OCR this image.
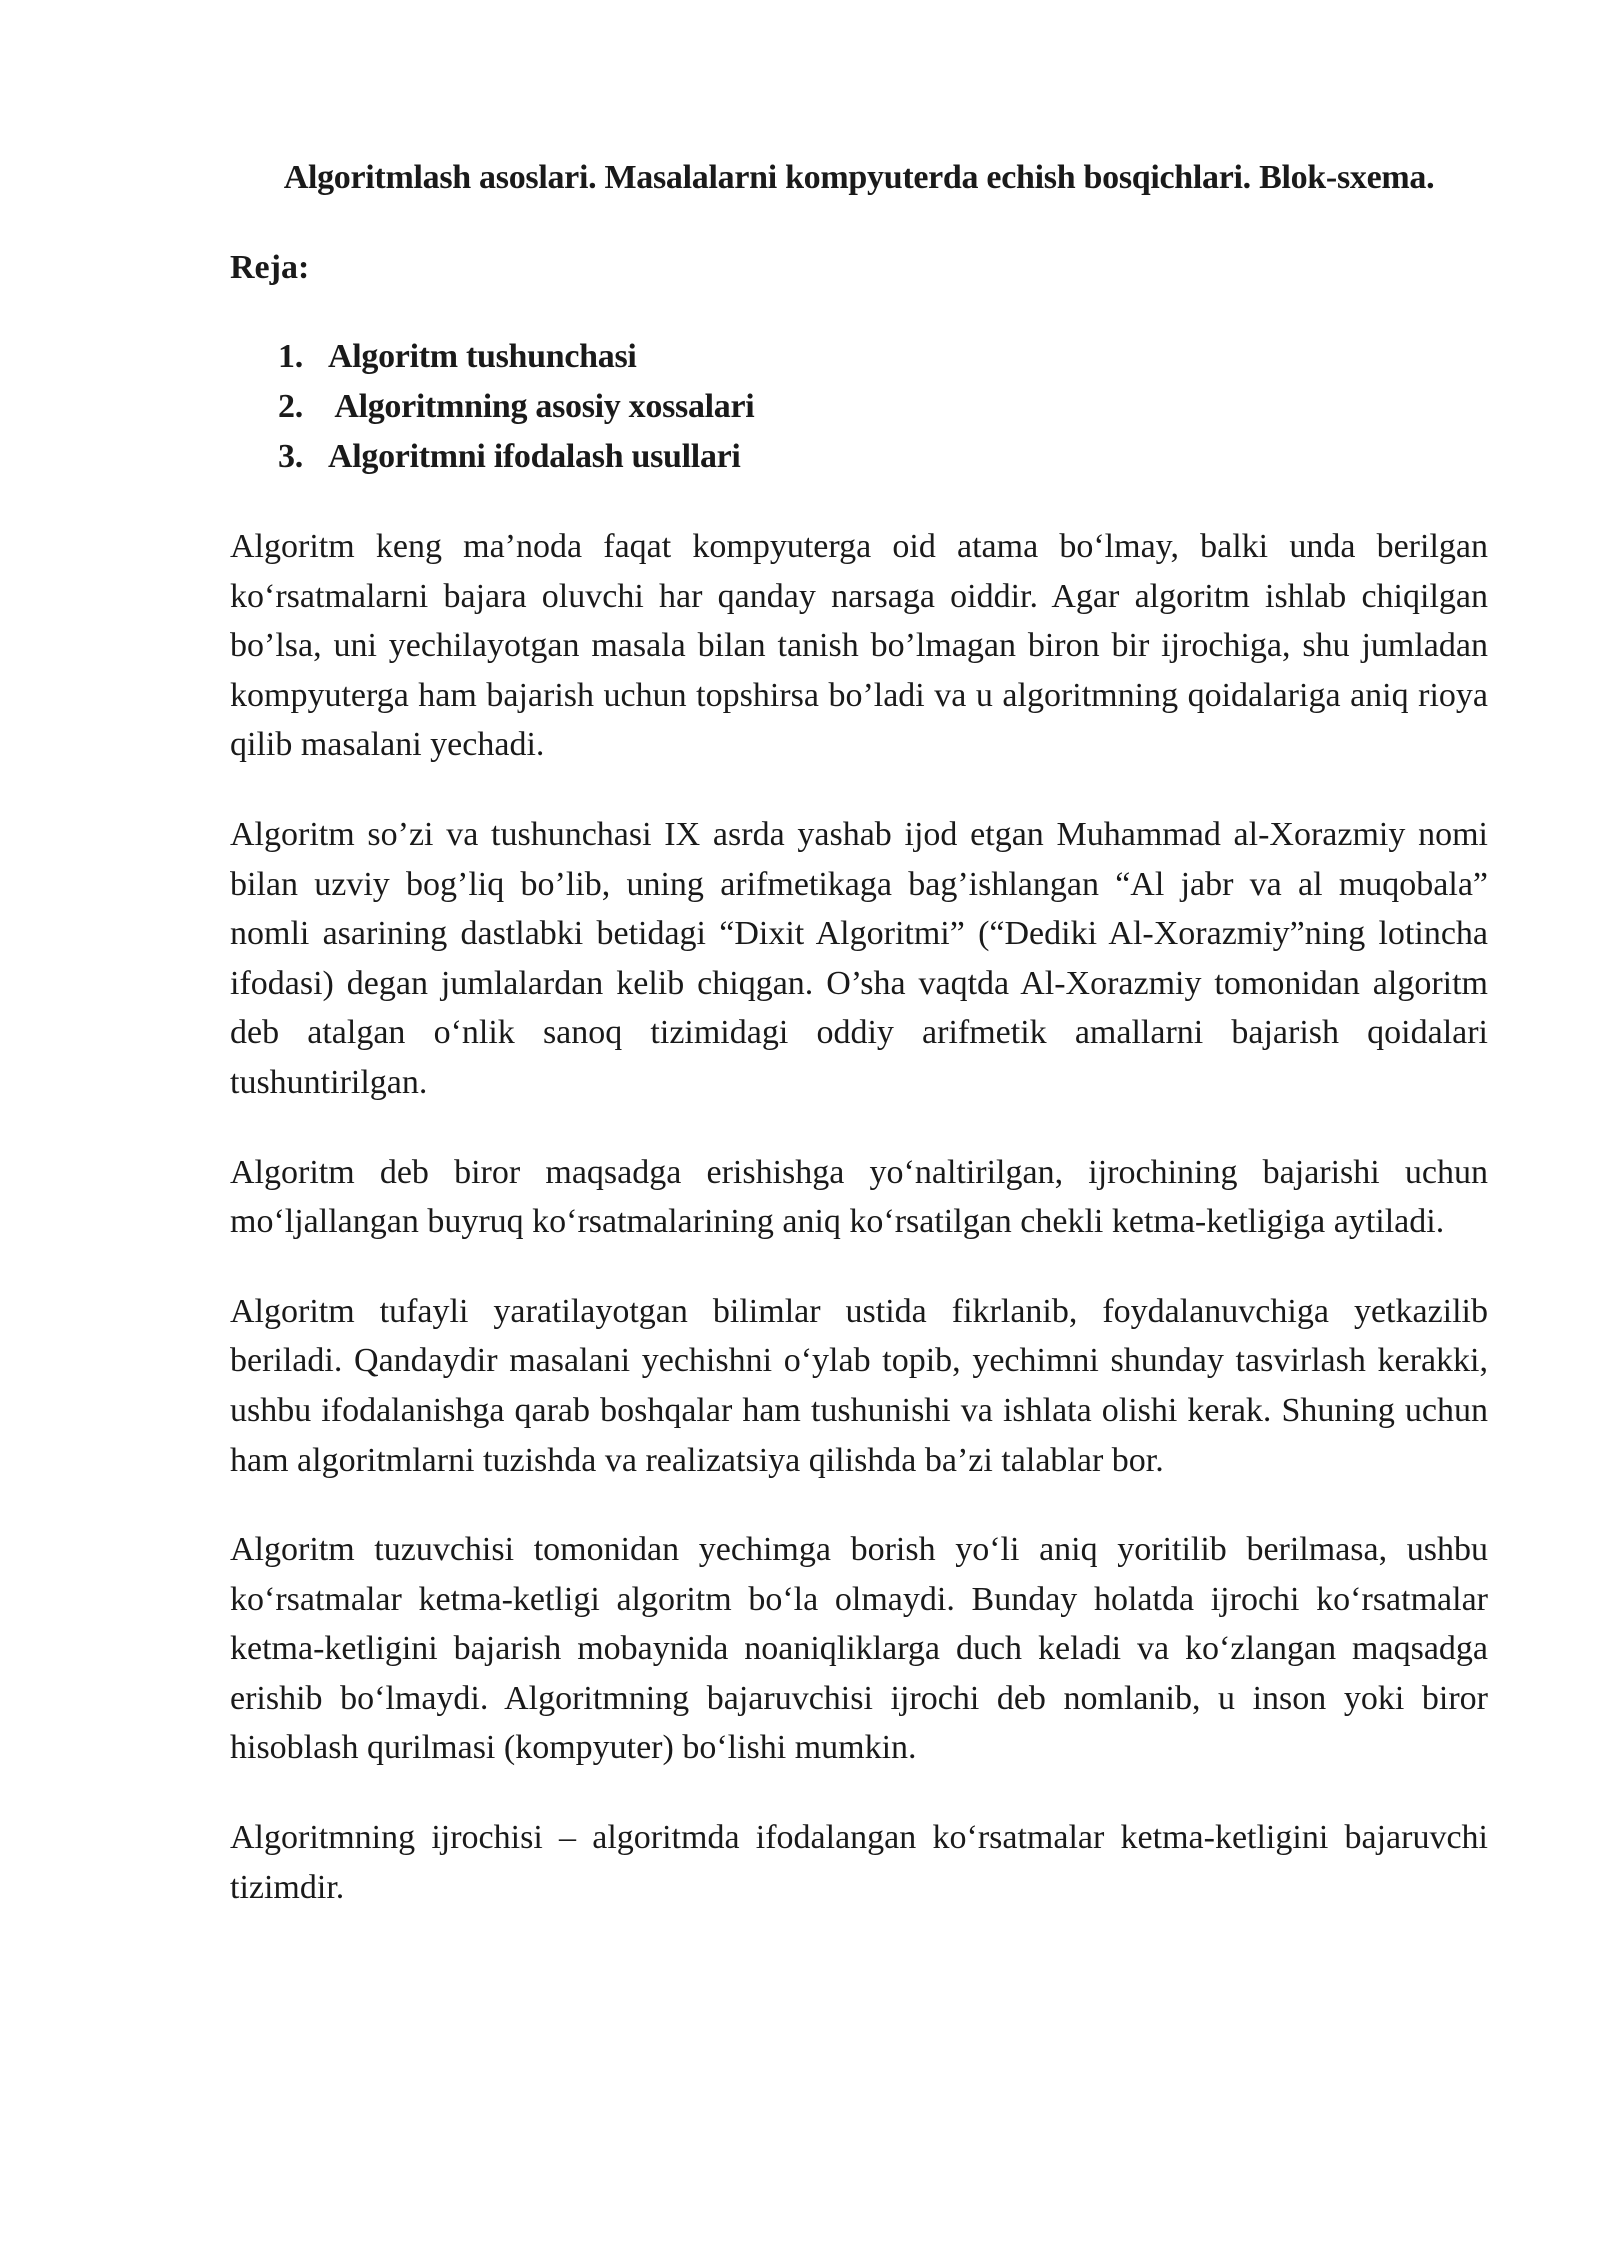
Algoritmlash asoslari. Masalalarni kompyuterda echish bosqichlari. Blok-sxema.
Reja:
1. Algoritm tushunchasi
2. Algoritmning asosiy xossalari
3. Algoritmni ifodalash usullari

Algoritm keng ma’noda faqat kompyuterga oid atama boʻlmay, balki unda berilgan koʻrsatmalarni bajara oluvchi har qanday narsaga oiddir. Agar algoritm ishlab chiqilgan bo’lsa, uni yechilayotgan masala bilan tanish bo’lmagan biron bir ijrochiga, shu jumladan kompyuterga ham bajarish uchun topshirsa bo’ladi va u algoritmning qoidalariga aniq rioya qilib masalani yechadi.

Algoritm so’zi va tushunchasi IX asrda yashab ijod etgan Muhammad al-Xorazmiy nomi bilan uzviy bog’liq bo’lib, uning arifmetikaga bag’ishlangan “Al jabr va al muqobala” nomli asarining dastlabki betidagi “Dixit Algoritmi” (“Dediki Al-Xorazmiy”ning lotincha ifodasi) degan jumlalardan kelib chiqgan. O’sha vaqtda Al-Xorazmiy tomonidan algoritm deb atalgan oʻnlik sanoq tizimidagi oddiy arifmetik amallarni bajarish qoidalari tushuntirilgan.

Algoritm deb biror maqsadga erishishga yoʻnaltirilgan, ijrochining bajarishi uchun moʻljallangan buyruq koʻrsatmalarining aniq koʻrsatilgan chekli ketma-ketligiga aytiladi.

Algoritm tufayli yaratilayotgan bilimlar ustida fikrlanib, foydalanuvchiga yetkazilib beriladi. Qandaydir masalani yechishni oʻylab topib, yechimni shunday tasvirlash kerakki, ushbu ifodalanishga qarab boshqalar ham tushunishi va ishlata olishi kerak. Shuning uchun ham algoritmlarni tuzishda va realizatsiya qilishda ba’zi talablar bor.

Algoritm tuzuvchisi tomonidan yechimga borish yoʻli aniq yoritilib berilmasa, ushbu koʻrsatmalar ketma-ketligi algoritm boʻla olmaydi. Bunday holatda ijrochi koʻrsatmalar ketma-ketligini bajarish mobaynida noaniqliklarga duch keladi va koʻzlangan maqsadga erishib boʻlmaydi. Algoritmning bajaruvchisi ijrochi deb nomlanib, u inson yoki biror hisoblash qurilmasi (kompyuter) boʻlishi mumkin.

Algoritmning ijrochisi – algoritmda ifodalangan koʻrsatmalar ketma-ketligini bajaruvchi tizimdir.
